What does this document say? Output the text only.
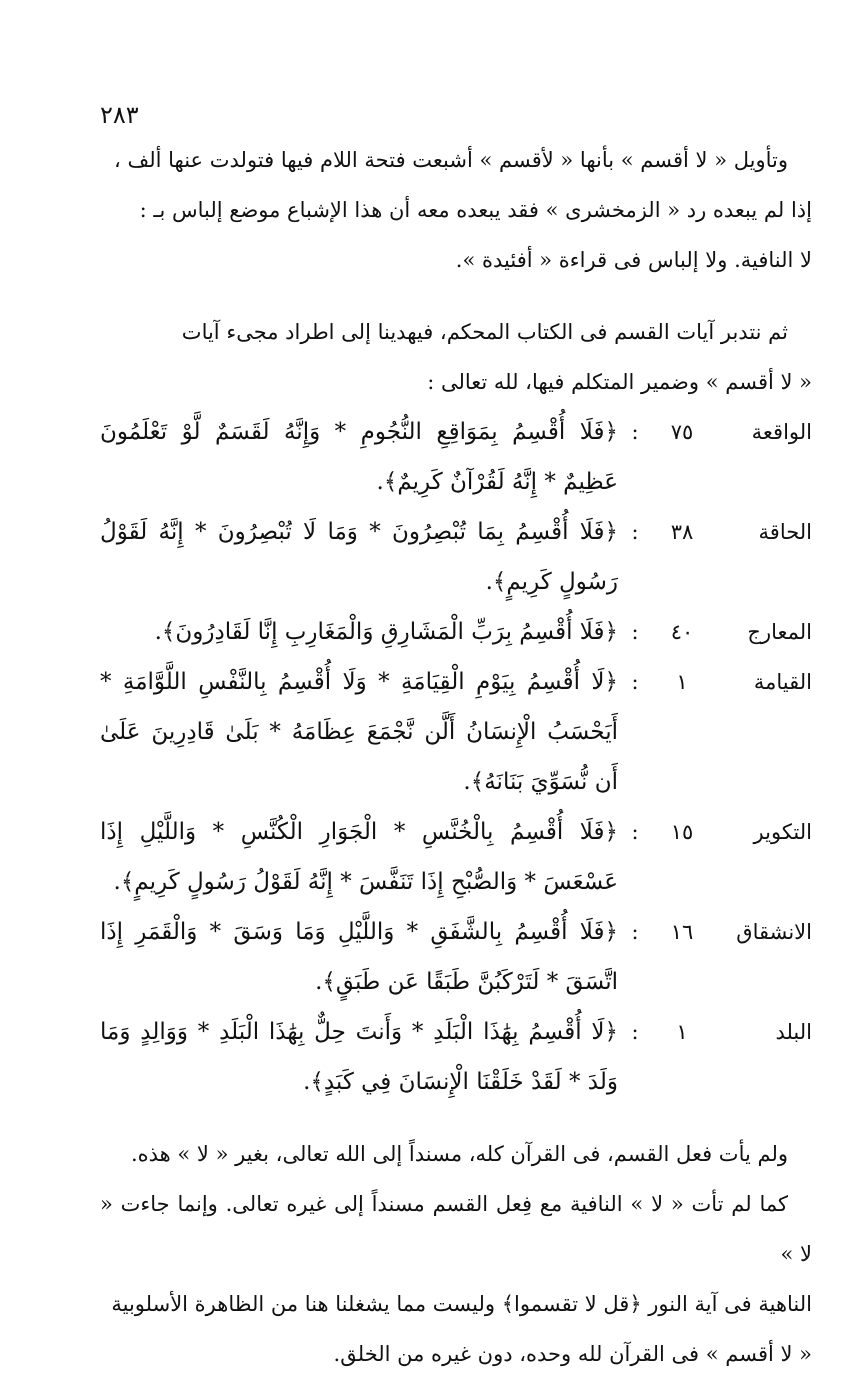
٢٨٣

وتأويل « لا أقسم » بأنها « لأقسم » أشبعت فتحة اللام فيها فتولدت عنها ألف ،

إذا لم يبعده رد « الزمخشرى » فقد يبعده معه أن هذا الإشباع موضع إلباس بـ :

لا النافية. ولا إلباس فى قراءة « أفئيدة ».

ثم نتدبر آيات القسم فى الكتاب المحكم، فيهدينا إلى اطراد مجىء آيات

« لا أقسم » وضمير المتكلم فيها، لله تعالى :

الواقعة
٧٥
:
﴿فَلَا أُقْسِمُ بِمَوَاقِعِ النُّجُومِ * وَإِنَّهُ لَقَسَمٌ لَّوْ تَعْلَمُونَ عَظِيمٌ * إِنَّهُ لَقُرْآنٌ كَرِيمٌ﴾.
الحاقة
٣٨
:
﴿فَلَا أُقْسِمُ بِمَا تُبْصِرُونَ * وَمَا لَا تُبْصِرُونَ * إِنَّهُ لَقَوْلُ رَسُولٍ كَرِيمٍ﴾.
المعارج
٤٠
:
﴿فَلَا أُقْسِمُ بِرَبِّ الْمَشَارِقِ وَالْمَغَارِبِ إِنَّا لَقَادِرُونَ﴾.
القيامة
١
:
﴿لَا أُقْسِمُ بِيَوْمِ الْقِيَامَةِ * وَلَا أُقْسِمُ بِالنَّفْسِ اللَّوَّامَةِ * أَيَحْسَبُ الْإِنسَانُ أَلَّن نَّجْمَعَ عِظَامَهُ * بَلَىٰ قَادِرِينَ عَلَىٰ أَن نُّسَوِّيَ بَنَانَهُ﴾.
التكوير
١٥
:
﴿فَلَا أُقْسِمُ بِالْخُنَّسِ * الْجَوَارِ الْكُنَّسِ * وَاللَّيْلِ إِذَا عَسْعَسَ * وَالصُّبْحِ إِذَا تَنَفَّسَ * إِنَّهُ لَقَوْلُ رَسُولٍ كَرِيمٍ﴾.
الانشقاق
١٦
:
﴿فَلَا أُقْسِمُ بِالشَّفَقِ * وَاللَّيْلِ وَمَا وَسَقَ * وَالْقَمَرِ إِذَا اتَّسَقَ * لَتَرْكَبُنَّ طَبَقًا عَن طَبَقٍ﴾.
البلد
١
:
﴿لَا أُقْسِمُ بِهَٰذَا الْبَلَدِ * وَأَنتَ حِلٌّ بِهَٰذَا الْبَلَدِ * وَوَالِدٍ وَمَا وَلَدَ * لَقَدْ خَلَقْنَا الْإِنسَانَ فِي كَبَدٍ﴾.

ولم يأت فعل القسم، فى القرآن كله، مسنداً إلى الله تعالى، بغير « لا » هذه.

كما لم تأت « لا » النافية مع فِعل القسم مسنداً إلى غيره تعالى. وإنما جاءت « لا »

الناهية فى آية النور ﴿قل لا تقسموا﴾ وليست مما يشغلنا هنا من الظاهرة الأسلوبية

« لا أقسم » فى القرآن لله وحده، دون غيره من الخلق.
